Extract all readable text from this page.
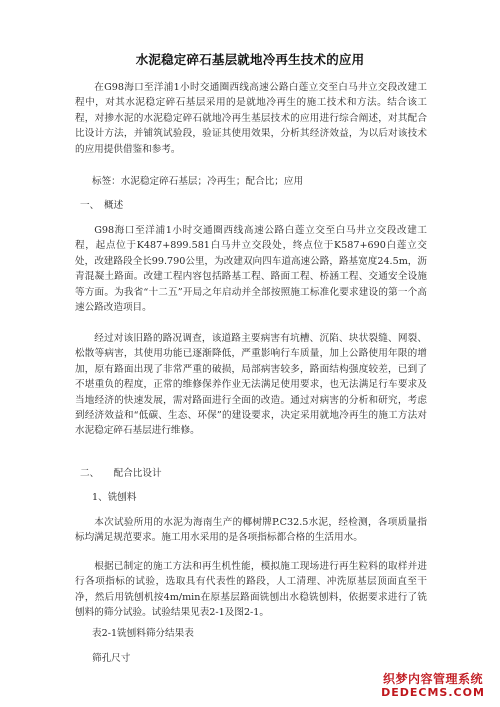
水泥稳定碎石基层就地冷再生技术的应用
在G98海口至洋浦1小时交通圈西线高速公路白莲立交至白马井立交段改建工程中，对其水泥稳定碎石基层采用的是就地冷再生的施工技术和方法。结合该工程，对掺水泥的水泥稳定碎石就地冷再生基层技术的应用进行综合阐述，对其配合比设计方法，并铺筑试验段，验证其使用效果，分析其经济效益，为以后对该技术的应用提供借鉴和参考。
标签：水泥稳定碎石基层；冷再生；配合比；应用
一、　概述
G98海口至洋浦1小时交通圈西线高速公路白莲立交至白马井立交段改建工程，起点位于K487+899.581白马井立交段处，终点位于K587+690白莲立交处，改建路段全长99.790公里，为改建双向四车道高速公路，路基宽度24.5m，沥青混凝土路面。改建工程内容包括路基工程、路面工程、桥涵工程、交通安全设施等方面。为我省“十二五”开局之年启动并全部按照施工标准化要求建设的第一个高速公路改造项目。
经过对该旧路的路况调查，该道路主要病害有坑槽、沉陷、块状裂缝、网裂、松散等病害，其使用功能已逐渐降低，严重影响行车质量，加上公路使用年限的增加，原有路面出现了非常严重的破损，局部病害较多，路面结构强度较差，已到了不堪重负的程度，正常的维修保养作业无法满足使用要求，也无法满足行车要求及当地经济的快速发展，需对路面进行全面的改造。通过对病害的分析和研究，考虑到经济效益和“低碳、生态、环保”的建设要求，决定采用就地冷再生的施工方法对水泥稳定碎石基层进行维修。
二、　　配合比设计
1、铣刨料
本次试验所用的水泥为海南生产的椰树牌P.C32.5水泥，经检测，各项质量指标均满足规范要求。施工用水采用的是各项指标都合格的生活用水。
根据已制定的施工方法和再生机性能，模拟施工现场进行再生粒料的取样并进行各项指标的试验，选取具有代表性的路段，人工清理、冲洗原基层顶面直至干净，然后用铣刨机按4m/min在原基层路面铣刨出水稳铣刨料，依据要求进行了铣刨料的筛分试验。试验结果见表2-1及图2-1。
表2-1铣刨料筛分结果表
筛孔尺寸
织梦内容管理系统
DEDECMS.COM
